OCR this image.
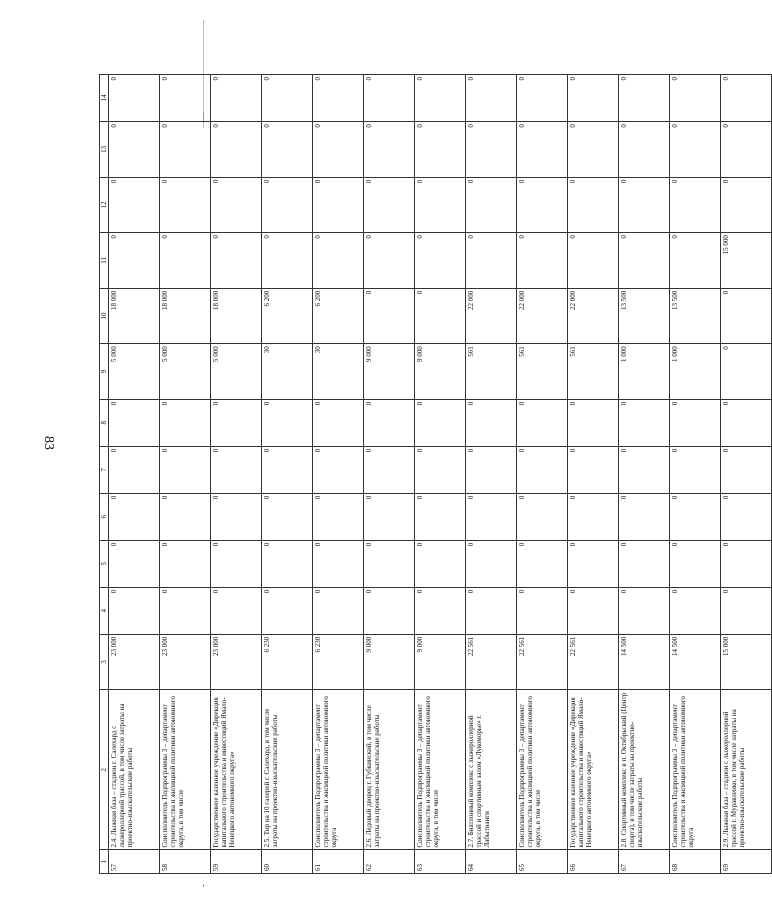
83
1	2	3	4	5	6	7	8	9	10	11	12	13	14
57	2.4. Лыжная база – стадион г. Салехард с лыжероллерной трассой, в том числе затраты на проектно-изыскательские работы	23 000	0	0	0	0	0	5 000	18 000	0	0	0	0
58	Соисполнитель Подпрограммы 3 – департамент строительства и жилищной политики автономного округа, в том числе	23 000	0	0	0	0	0	5 000	18 000	0	0	0	0
59	Государственное казенное учреждение «Дирекция капитального строительства и инвестиций Ямало-Ненецкого автономного округа»	23 000	0	0	0	0	0	5 000	18 000	0	0	0	0
60	2.5. Тир на 10 галерей г. Салехард, в том числе затраты на проектно-изыскательские работы	6 230	0	0	0	0	0	30	6 200	0	0	0	0
61	Соисполнитель Подпрограммы 3 – департамент строительства и жилищной политики автономного округа	6 230	0	0	0	0	0	30	6 200	0	0	0	0
62	2.6. Ледовый дворец г. Губкинский, в том числе затраты на проектно-изыскательские работы	9 000	0	0	0	0	0	9 000	0	0	0	0	0
63	Соисполнитель Подпрограммы 3 – департамент строительства и жилищной политики автономного округа, в том числе	9 000	0	0	0	0	0	9 000	0	0	0	0	0
64	2.7. Биатлонный комплекс с лыжероллерной трассой и спортивным залом «Лукоморье» г. Лабытнанги	22 561	0	0	0	0	0	561	22 000	0	0	0	0
65	Соисполнитель Подпрограммы 3 – департамент строительства и жилищной политики автономного округа, в том числе	22 561	0	0	0	0	0	561	22 000	0	0	0	0
66	Государственное казенное учреждение «Дирекция капитального строительства и инвестиций Ямало-Ненецкого автономного округа»	22 561	0	0	0	0	0	561	22 000	0	0	0	0
67	2.8. Спортивный комплекс в п. Октябрьский (Центр спорта), в том числе затраты на проектно-изыскательские работы	14 500	0	0	0	0	0	1 000	13 500	0	0	0	0
68	Соисполнитель Подпрограммы 3 – департамент строительства и жилищной политики автономного округа	14 500	0	0	0	0	0	1 000	13 500	0	0	0	0
69	2.9. Лыжная база – стадион с лыжероллерной трассой г. Муравленко, в том числе затраты на проектно-изыскательские работы	15 000	0	0	0	0	0	0	0	15 000	0	0	0
